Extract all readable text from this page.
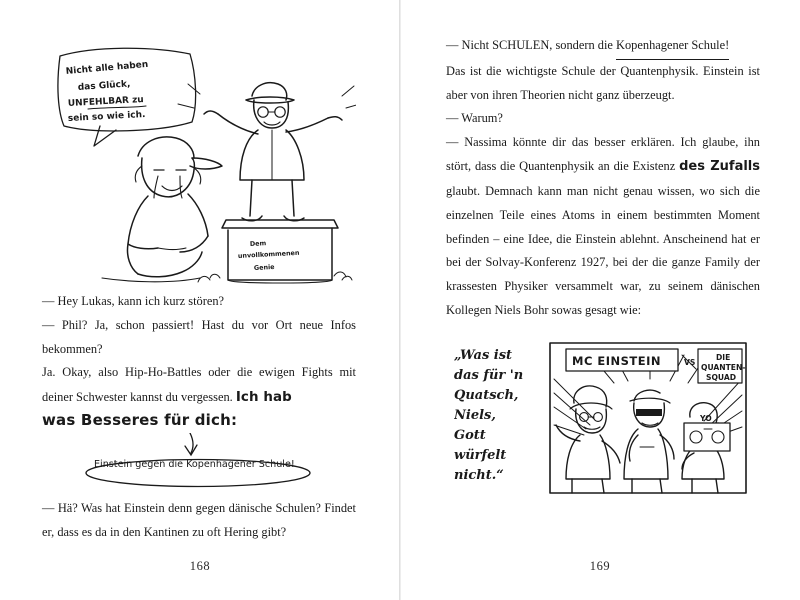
Nicht alle haben
das Glück,
UNFEHLBAR zu
sein so wie ich.
Dem
unvollkommenen
Genie

— Hey Lukas, kann ich kurz stören?

— Phil? Ja, schon passiert! Hast du vor Ort neue Infos bekommen?

Ja. Okay, also Hip-Ho-Battles oder die ewigen Fights mit deiner Schwester kannst du vergessen. Ich hab

was Besseres für dich:
Einstein gegen die Kopenhagener Schule!

— Hä? Was hat Einstein denn gegen dänische Schulen? Findet er, dass es da in den Kantinen zu oft Hering gibt?

168

— Nicht SCHULEN, sondern die Kopenhagener Schule!

Das ist die wichtigste Schule der Quantenphysik. Einstein ist aber von ihren Theorien nicht ganz überzeugt.

— Warum?

— Nassima könnte dir das besser erklären. Ich glaube, ihn stört, dass die Quantenphysik an die Existenz des Zufalls glaubt. Demnach kann man nicht genau wissen, wo sich die einzelnen Teile eines Atoms in einem bestimmten Moment befinden – eine Idee, die Einstein ablehnt. Anscheinend hat er bei der Solvay-Konferenz 1927, bei der die ganze Family der krassesten Physiker versammelt war, zu seinem dänischen Kollegen Niels Bohr sowas gesagt wie:

MC EINSTEIN	VS
DIE
QUANTEN-
SQUAD
YO
„Was ist
das für 'n
Quatsch,
Niels,
Gott
würfelt
nicht.“
169
